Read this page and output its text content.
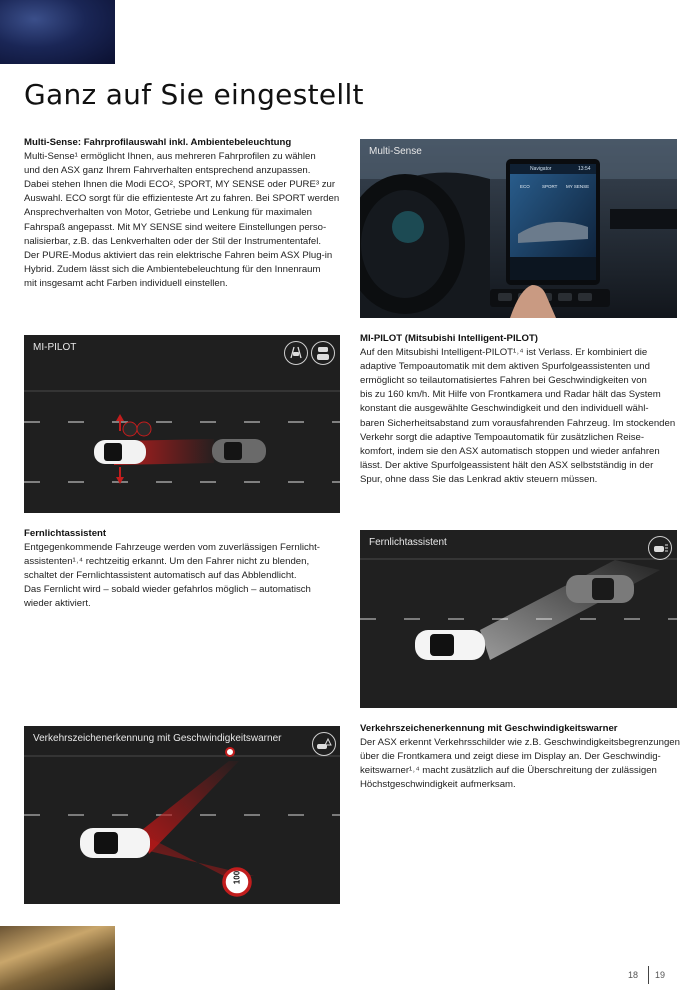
Ganz auf Sie eingestellt
Multi-Sense: Fahrprofilauswahl inkl. Ambientebeleuchtung

Multi-Sense¹ ermöglicht Ihnen, aus mehreren Fahrprofilen zu wählen

und den ASX ganz Ihrem Fahrverhalten entsprechend anzupassen.

Dabei stehen Ihnen die Modi ECO², SPORT, MY SENSE oder PURE³ zur

Auswahl. ECO sorgt für die effizienteste Art zu fahren. Bei SPORT werden

Ansprechverhalten von Motor, Getriebe und Lenkung für maximalen

Fahrspaß angepasst. Mit MY SENSE sind weitere Einstellungen perso-

nalisierbar, z.B. das Lenkverhalten oder der Stil der Instrumententafel.

Der PURE-Modus aktiviert das rein elektrische Fahren beim ASX Plug-in

Hybrid. Zudem lässt sich die Ambientebeleuchtung für den Innenraum

mit insgesamt acht Farben individuell einstellen.

Multi-Sense
Navigator	13:54
ECO	SPORT MY SENSE
MI-PILOT
MI-PILOT (Mitsubishi Intelligent-PILOT)

Auf den Mitsubishi Intelligent-PILOT¹˒⁴ ist Verlass. Er kombiniert die

adaptive Tempoautomatik mit dem aktiven Spurfolgeassistenten und

ermöglicht so teilautomatisiertes Fahren bei Geschwindigkeiten von

bis zu 160 km/h. Mit Hilfe von Frontkamera und Radar hält das System

konstant die ausgewählte Geschwindigkeit und den individuell wähl-

baren Sicherheitsabstand zum vorausfahrenden Fahrzeug. Im stockenden

Verkehr sorgt die adaptive Tempoautomatik für zusätzlichen Reise-

komfort, indem sie den ASX automatisch stoppen und wieder anfahren

lässt. Der aktive Spurfolgeassistent hält den ASX selbstständig in der

Spur, ohne dass Sie das Lenkrad aktiv steuern müssen.

Fernlichtassistent

Entgegenkommende Fahrzeuge werden vom zuverlässigen Fernlicht-

assistenten¹˒⁴ rechtzeitig erkannt. Um den Fahrer nicht zu blenden,

schaltet der Fernlichtassistent automatisch auf das Abblendlicht.

Das Fernlicht wird – sobald wieder gefahrlos möglich – automatisch

wieder aktiviert.

Fernlichtassistent
Verkehrszeichenerkennung mit Geschwindigkeitswarner
100
Verkehrszeichenerkennung mit Geschwindigkeitswarner

Der ASX erkennt Verkehrsschilder wie z.B. Geschwindigkeitsbegrenzungen

über die Frontkamera und zeigt diese im Display an. Der Geschwindig-

keitswarner¹˒⁴ macht zusätzlich auf die Überschreitung der zulässigen

Höchstgeschwindigkeit aufmerksam.

18 19
